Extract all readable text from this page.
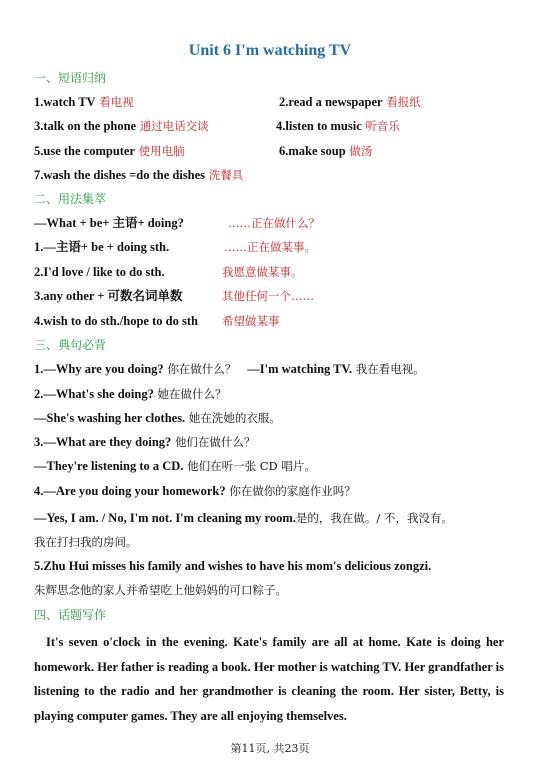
Unit 6 I'm watching TV
一、短语归纳
1.watch TV 看电视	2.read a newspaper 看报纸
3.talk on the phone 通过电话交谈	4.listen to music 听音乐
5.use the computer 使用电脑	6.make soup 做汤
7.wash the dishes =do the dishes 洗餐具
二、用法集萃
—What + be+ 主语+ doing?	……正在做什么？
1.—主语+ be + doing sth.	……正在做某事。
2.I'd love / like to do sth.	我愿意做某事。
3.any other + 可数名词单数	其他任何一个……
4.wish to do sth./hope to do sth 希望做某事
三、典句必背
1.—Why are you doing? 你在做什么？ —I'm watching TV. 我在看电视。
2.—What's she doing? 她在做什么？
—She's washing her clothes. 她在洗她的衣服。
3.—What are they doing? 他们在做什么？
—They're listening to a CD. 他们在听一张 CD 唱片。
4.—Are you doing your homework? 你在做你的家庭作业吗？
—Yes, I am. / No, I'm not. I'm cleaning my room.是的，我在做。/ 不，我没有。
我在打扫我的房间。
5.Zhu Hui misses his family and wishes to have his mom's delicious zongzi.
朱辉思念他的家人并希望吃上他妈妈的可口粽子。
四、话题写作
It's seven o'clock in the evening. Kate's family are all at home. Kate is doing her homework. Her father is reading a book. Her mother is watching TV. Her grandfather is listening to the radio and her grandmother is cleaning the room. Her sister, Betty, is playing computer games. They are all enjoying themselves.
第11页, 共23页
